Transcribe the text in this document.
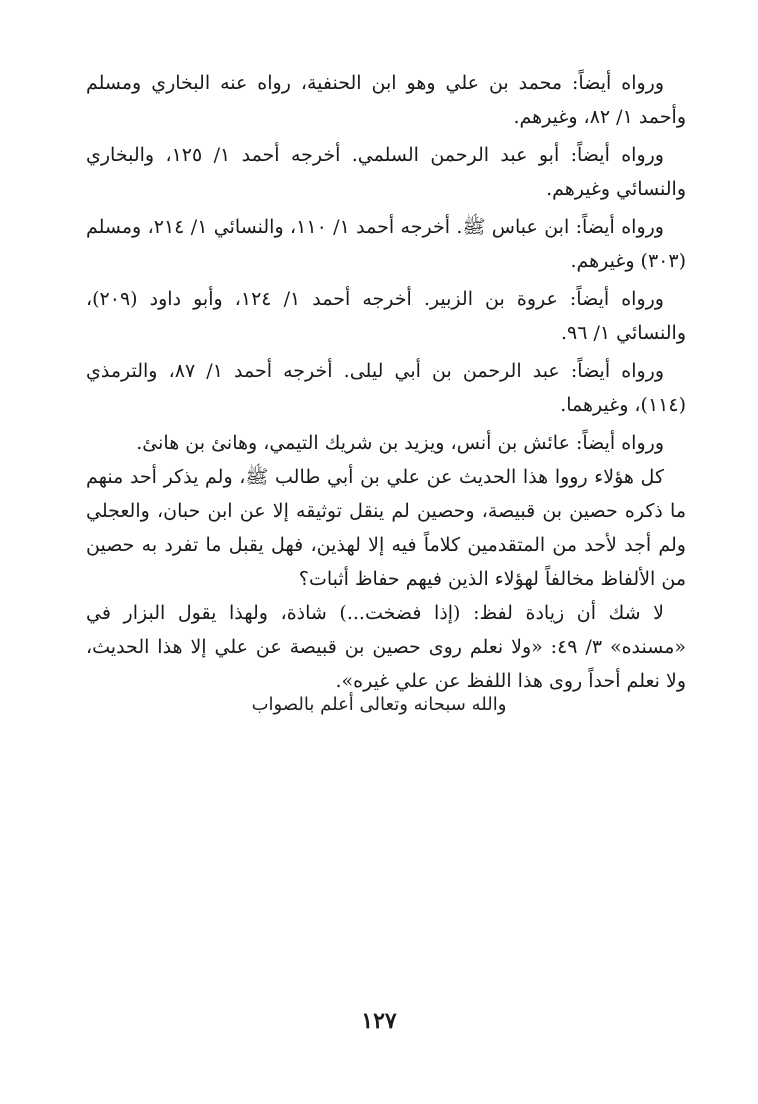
ورواه أيضاً: محمد بن علي وهو ابن الحنفية، رواه عنه البخاري ومسلم وأحمد ١/ ٨٢، وغيرهم.

ورواه أيضاً: أبو عبد الرحمن السلمي. أخرجه أحمد ١/ ١٢٥، والبخاري والنسائي وغيرهم.

ورواه أيضاً: ابن عباس ﷺ. أخرجه أحمد ١/ ١١٠، والنسائي ١/ ٢١٤، ومسلم (٣٠٣) وغيرهم.

ورواه أيضاً: عروة بن الزبير. أخرجه أحمد ١/ ١٢٤، وأبو داود (٢٠٩)، والنسائي ١/ ٩٦.

ورواه أيضاً: عبد الرحمن بن أبي ليلى. أخرجه أحمد ١/ ٨٧، والترمذي (١١٤)، وغيرهما.

ورواه أيضاً: عائش بن أنس، ويزيد بن شريك التيمي، وهانئ بن هانئ.

كل هؤلاء رووا هذا الحديث عن علي بن أبي طالب ﷺ، ولم يذكر أحد منهم ما ذكره حصين بن قبيصة، وحصين لم ينقل توثيقه إلا عن ابن حبان، والعجلي ولم أجد لأحد من المتقدمين كلاماً فيه إلا لهذين، فهل يقبل ما تفرد به حصين من الألفاظ مخالفاً لهؤلاء الذين فيهم حفاظ أثبات؟

لا شك أن زيادة لفظ: (إذا فضخت...) شاذة، ولهذا يقول البزار في «مسنده» ٣/ ٤٩: «ولا نعلم روى حصين بن قبيصة عن علي إلا هذا الحديث، ولا نعلم أحداً روى هذا اللفظ عن علي غيره».

والله سبحانه وتعالى أعلم بالصواب
١٢٧
